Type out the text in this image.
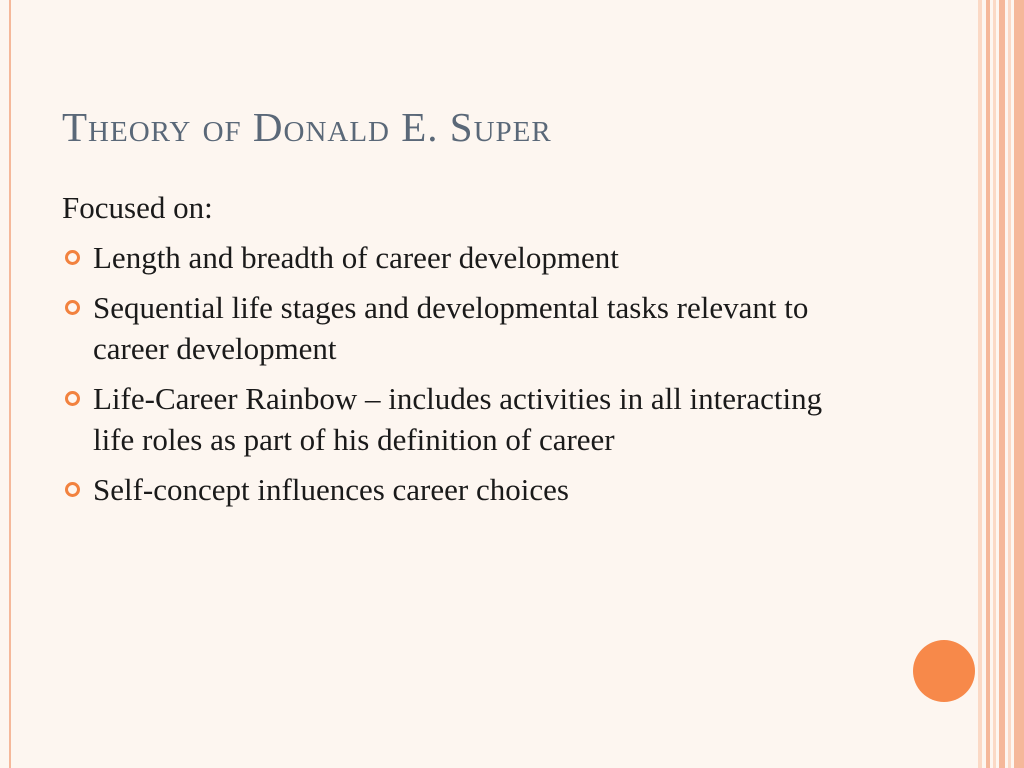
Theory of Donald E. Super

Focused on:

Length and breadth of career development
Sequential life stages and developmental tasks relevant to career development
Life-Career Rainbow – includes activities in all interacting life roles as part of his definition of career
Self-concept influences career choices
